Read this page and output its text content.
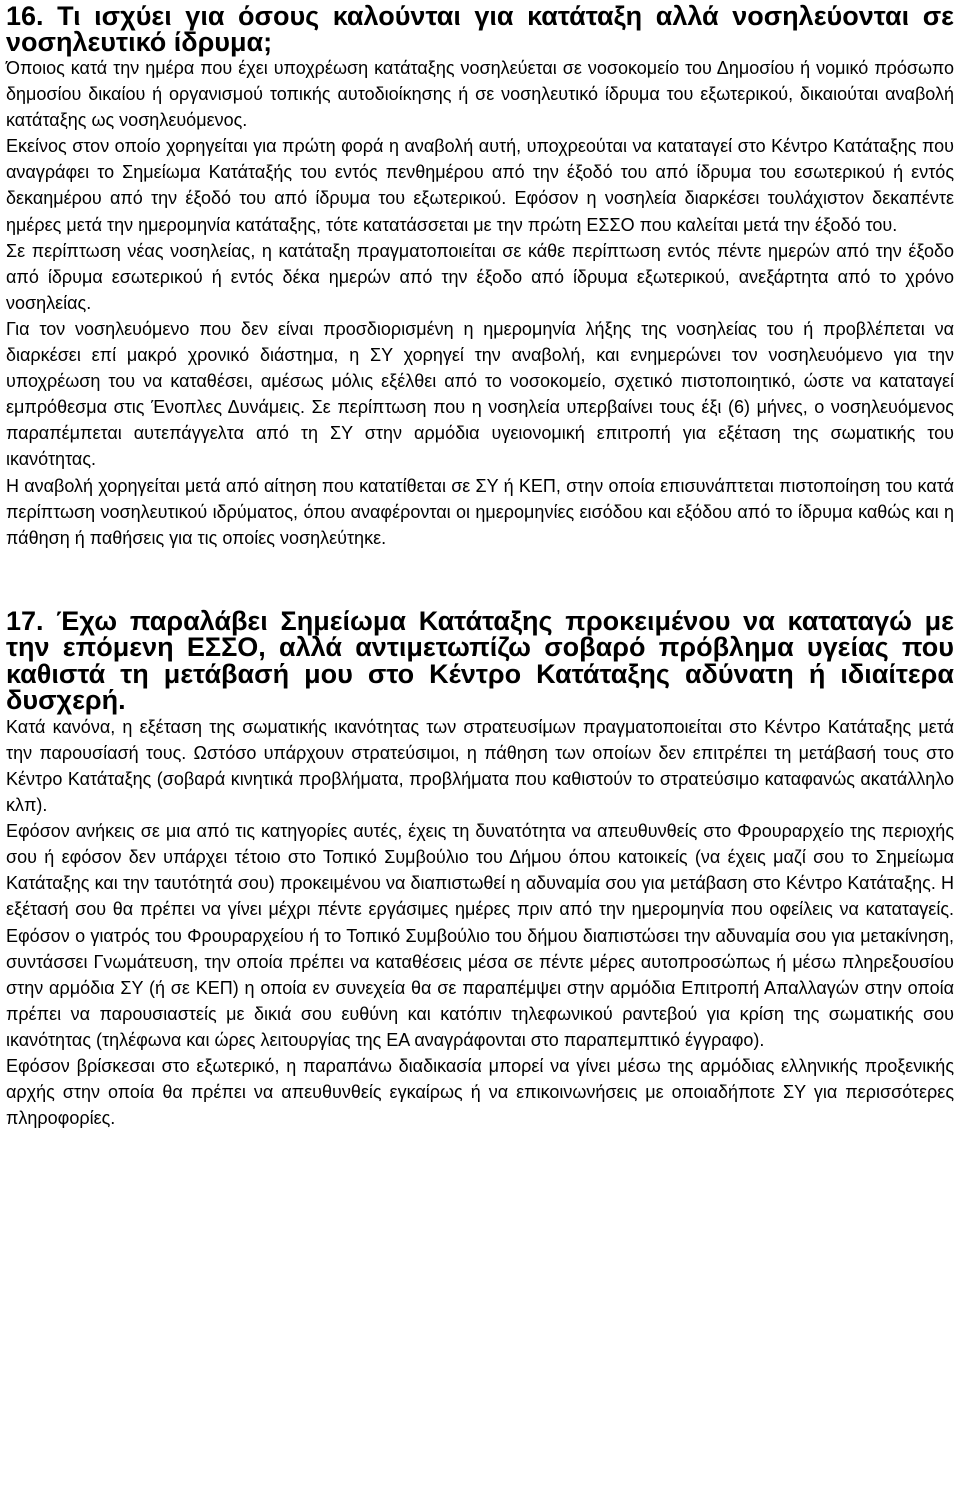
16. Τι ισχύει για όσους καλούνται για κατάταξη αλλά νοσηλεύονται σε νοσηλευτικό ίδρυμα;

Όποιος κατά την ημέρα που έχει υποχρέωση κατάταξης νοσηλεύεται σε νοσοκομείο του Δημοσίου ή νομικό πρόσωπο δημοσίου δικαίου ή οργανισμού τοπικής αυτοδιοίκησης ή σε νοσηλευτικό ίδρυμα του εξωτερικού, δικαιούται αναβολή κατάταξης ως νοσηλευόμενος.

Εκείνος στον οποίο χορηγείται για πρώτη φορά η αναβολή αυτή, υποχρεούται να καταταγεί στο Κέντρο Κατάταξης που αναγράφει το Σημείωμα Κατάταξής του εντός πενθημέρου από την έξοδό του από ίδρυμα του εσωτερικού ή εντός δεκαημέρου από την έξοδό του από ίδρυμα του εξωτερικού. Εφόσον η νοσηλεία διαρκέσει τουλάχιστον δεκαπέντε ημέρες μετά την ημερομηνία κατάταξης, τότε κατατάσσεται με την πρώτη ΕΣΣΟ που καλείται μετά την έξοδό του.

Σε περίπτωση νέας νοσηλείας, η κατάταξη πραγματοποιείται σε κάθε περίπτωση εντός πέντε ημερών από την έξοδο από ίδρυμα εσωτερικού ή εντός δέκα ημερών από την έξοδο από ίδρυμα εξωτερικού, ανεξάρτητα από το χρόνο νοσηλείας.

Για τον νοσηλευόμενο που δεν είναι προσδιορισμένη η ημερομηνία λήξης της νοσηλείας του ή προβλέπεται να διαρκέσει επί μακρό χρονικό διάστημα, η ΣΥ χορηγεί την αναβολή, και ενημερώνει τον νοσηλευόμενο για την υποχρέωση του να καταθέσει, αμέσως μόλις εξέλθει από το νοσοκομείο, σχετικό πιστοποιητικό, ώστε να καταταγεί εμπρόθεσμα στις Ένοπλες Δυνάμεις. Σε περίπτωση που η νοσηλεία υπερβαίνει τους έξι (6) μήνες, ο νοσηλευόμενος παραπέμπεται αυτεπάγγελτα από τη ΣΥ στην αρμόδια υγειονομική επιτροπή για εξέταση της σωματικής του ικανότητας.

Η αναβολή χορηγείται μετά από αίτηση που κατατίθεται σε ΣΥ ή ΚΕΠ, στην οποία επισυνάπτεται πιστοποίηση του κατά περίπτωση νοσηλευτικού ιδρύματος, όπου αναφέρονται οι ημερομηνίες εισόδου και εξόδου από το ίδρυμα καθώς και η πάθηση ή παθήσεις για τις οποίες νοσηλεύτηκε.

17. Έχω παραλάβει Σημείωμα Κατάταξης προκειμένου να καταταγώ με την επόμενη ΕΣΣΟ, αλλά αντιμετωπίζω σοβαρό πρόβλημα υγείας που καθιστά τη μετάβασή μου στο Κέντρο Κατάταξης αδύνατη ή ιδιαίτερα δυσχερή.

Κατά κανόνα, η εξέταση της σωματικής ικανότητας των στρατευσίμων πραγματοποιείται στο Κέντρο Κατάταξης μετά την παρουσίασή τους. Ωστόσο υπάρχουν στρατεύσιμοι, η πάθηση των οποίων δεν επιτρέπει τη μετάβασή τους στο Κέντρο Κατάταξης (σοβαρά κινητικά προβλήματα, προβλήματα που καθιστούν το στρατεύσιμο καταφανώς ακατάλληλο κλπ).

Εφόσον ανήκεις σε μια από τις κατηγορίες αυτές, έχεις τη δυνατότητα να απευθυνθείς στο Φρουραρχείο της περιοχής σου ή εφόσον δεν υπάρχει τέτοιο στο Τοπικό Συμβούλιο του Δήμου όπου κατοικείς (να έχεις μαζί σου το Σημείωμα Κατάταξης και την ταυτότητά σου) προκειμένου να διαπιστωθεί η αδυναμία σου για μετάβαση στο Κέντρο Κατάταξης. Η εξέτασή σου θα πρέπει να γίνει μέχρι πέντε εργάσιμες ημέρες πριν από την ημερομηνία που οφείλεις να καταταγείς. Εφόσον ο γιατρός του Φρουραρχείου ή το Τοπικό Συμβούλιο του δήμου διαπιστώσει την αδυναμία σου για μετακίνηση, συντάσσει Γνωμάτευση, την οποία πρέπει να καταθέσεις μέσα σε πέντε μέρες αυτοπροσώπως ή μέσω πληρεξουσίου στην αρμόδια ΣΥ (ή σε ΚΕΠ) η οποία εν συνεχεία θα σε παραπέμψει στην αρμόδια Επιτροπή Απαλλαγών στην οποία πρέπει να παρουσιαστείς με δικιά σου ευθύνη και κατόπιν τηλεφωνικού ραντεβού για κρίση της σωματικής σου ικανότητας (τηλέφωνα και ώρες λειτουργίας της ΕΑ αναγράφονται στο παραπεμπτικό έγγραφο).

Εφόσον βρίσκεσαι στο εξωτερικό, η παραπάνω διαδικασία μπορεί να γίνει μέσω της αρμόδιας ελληνικής προξενικής αρχής στην οποία θα πρέπει να απευθυνθείς εγκαίρως ή να επικοινωνήσεις με οποιαδήποτε ΣΥ για περισσότερες πληροφορίες.
